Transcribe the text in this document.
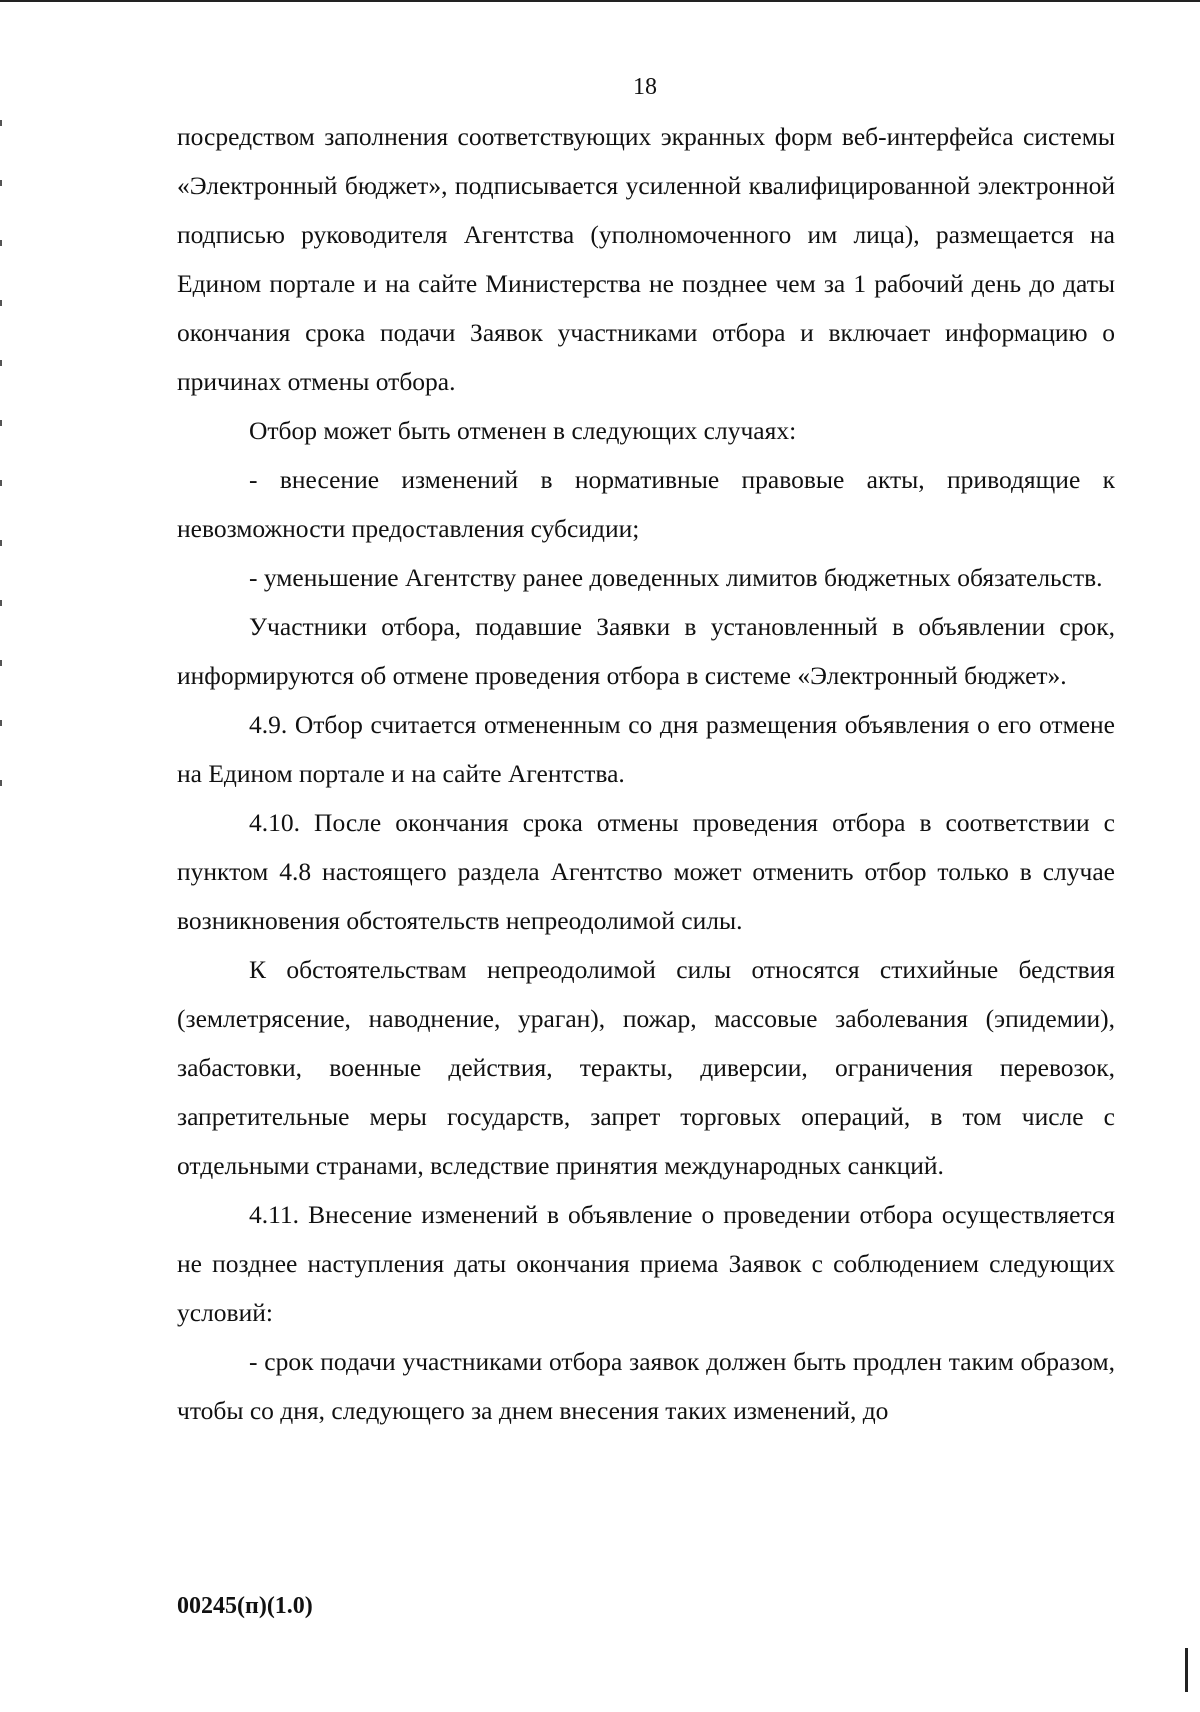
18

посредством заполнения соответствующих экранных форм веб-интерфейса системы «Электронный бюджет», подписывается усиленной квалифицированной электронной подписью руководителя Агентства (уполномоченного им лица), размещается на Едином портале и на сайте Министерства не позднее чем за 1 рабочий день до даты окончания срока подачи Заявок участниками отбора и включает информацию о причинах отмены отбора.

Отбор может быть отменен в следующих случаях:

- внесение изменений в нормативные правовые акты, приводящие к невозможности предоставления субсидии;

- уменьшение Агентству ранее доведенных лимитов бюджетных обязательств.

Участники отбора, подавшие Заявки в установленный в объявлении срок, информируются об отмене проведения отбора в системе «Электронный бюджет».

4.9. Отбор считается отмененным со дня размещения объявления о его отмене на Едином портале и на сайте Агентства.

4.10. После окончания срока отмены проведения отбора в соответствии с пунктом 4.8 настоящего раздела Агентство может отменить отбор только в случае возникновения обстоятельств непреодолимой силы.

К обстоятельствам непреодолимой силы относятся стихийные бедствия (землетрясение, наводнение, ураган), пожар, массовые заболевания (эпидемии), забастовки, военные действия, теракты, диверсии, ограничения перевозок, запретительные меры государств, запрет торговых операций, в том числе с отдельными странами, вследствие принятия международных санкций.

4.11. Внесение изменений в объявление о проведении отбора осуществляется не позднее наступления даты окончания приема Заявок с соблюдением следующих условий:

- срок подачи участниками отбора заявок должен быть продлен таким образом, чтобы со дня, следующего за днем внесения таких изменений, до

00245(п)(1.0)
